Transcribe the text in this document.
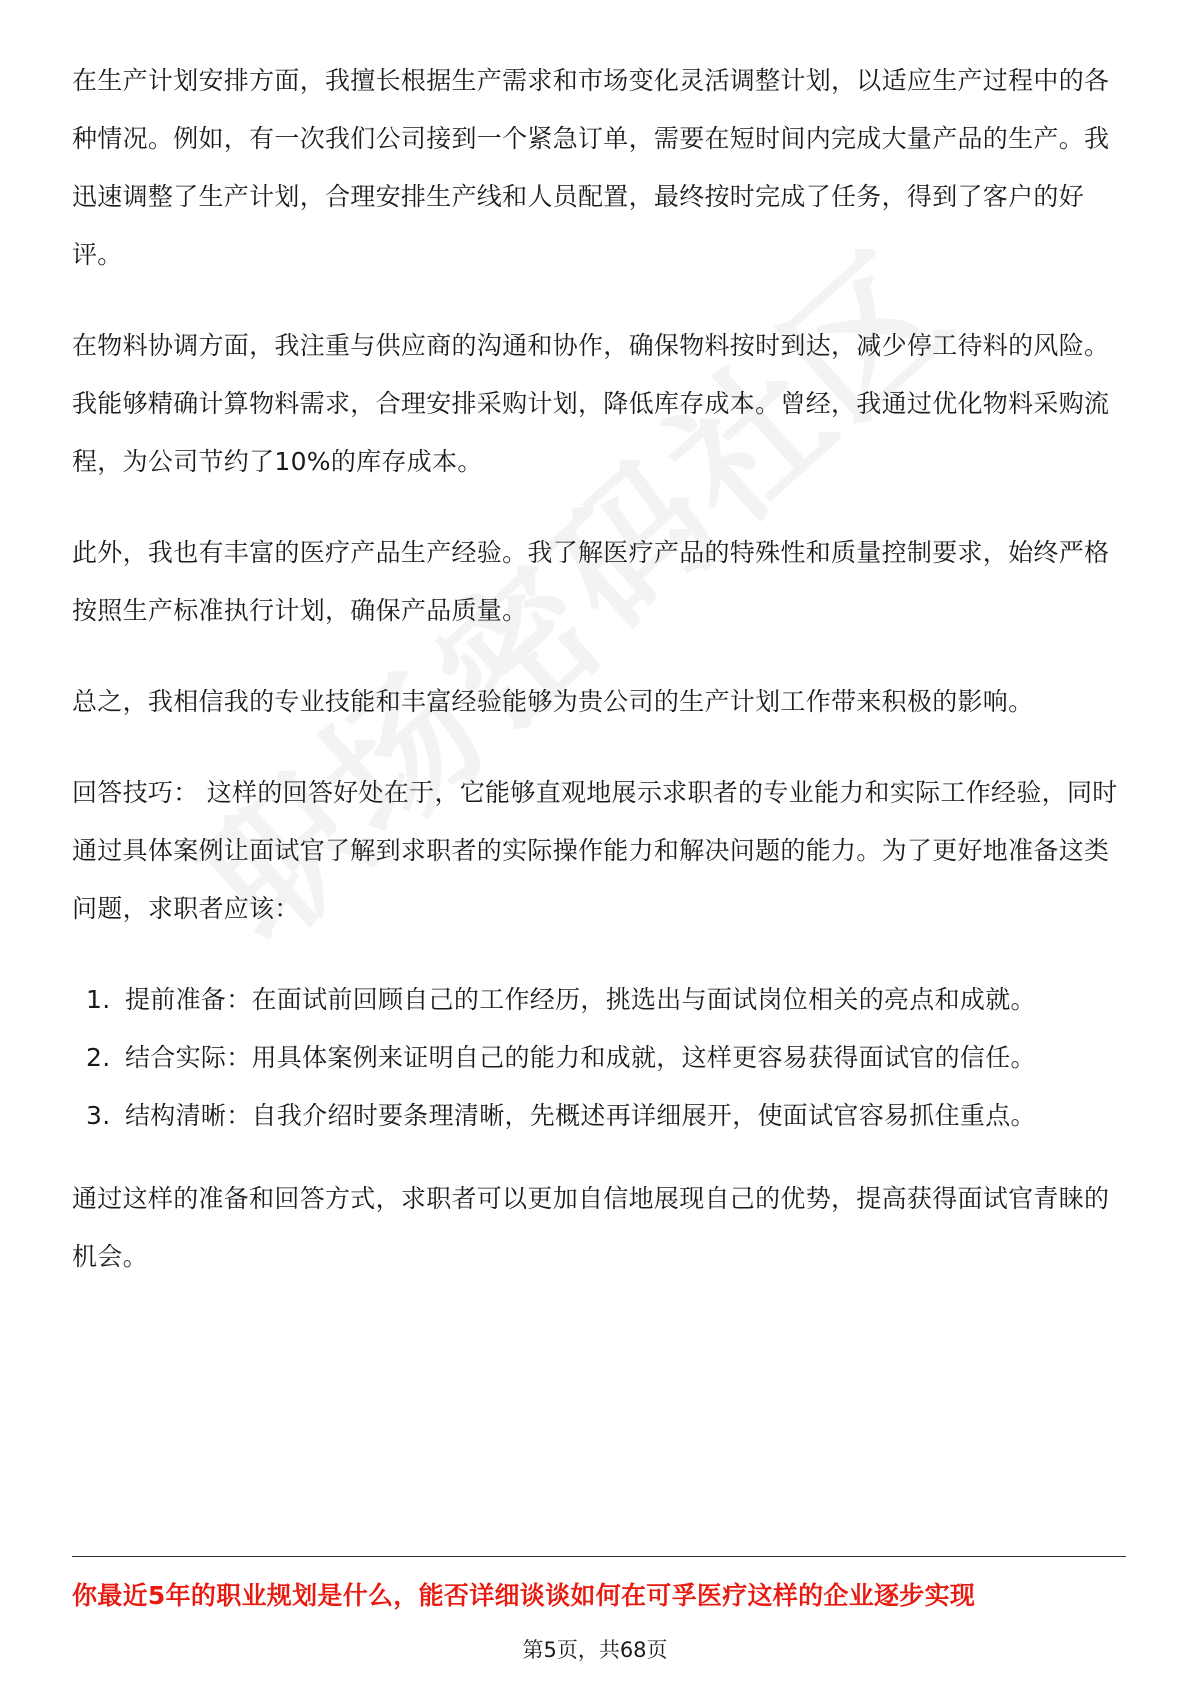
在生产计划安排方面，我擅长根据生产需求和市场变化灵活调整计划，以适应生产过程中的各种情况。例如，有一次我们公司接到一个紧急订单，需要在短时间内完成大量产品的生产。我迅速调整了生产计划，合理安排生产线和人员配置，最终按时完成了任务，得到了客户的好评。

在物料协调方面，我注重与供应商的沟通和协作，确保物料按时到达，减少停工待料的风险。我能够精确计算物料需求，合理安排采购计划，降低库存成本。曾经，我通过优化物料采购流程，为公司节约了10%的库存成本。

此外，我也有丰富的医疗产品生产经验。我了解医疗产品的特殊性和质量控制要求，始终严格按照生产标准执行计划，确保产品质量。

总之，我相信我的专业技能和丰富经验能够为贵公司的生产计划工作带来积极的影响。

回答技巧： 这样的回答好处在于，它能够直观地展示求职者的专业能力和实际工作经验，同时通过具体案例让面试官了解到求职者的实际操作能力和解决问题的能力。为了更好地准备这类问题，求职者应该：

1. 提前准备：在面试前回顾自己的工作经历，挑选出与面试岗位相关的亮点和成就。
2. 结合实际：用具体案例来证明自己的能力和成就，这样更容易获得面试官的信任。
3. 结构清晰：自我介绍时要条理清晰，先概述再详细展开，使面试官容易抓住重点。

通过这样的准备和回答方式，求职者可以更加自信地展现自己的优势，提高获得面试官青睐的机会。

你最近5年的职业规划是什么，能否详细谈谈如何在可孚医疗这样的企业逐步实现
第5页，共68页
